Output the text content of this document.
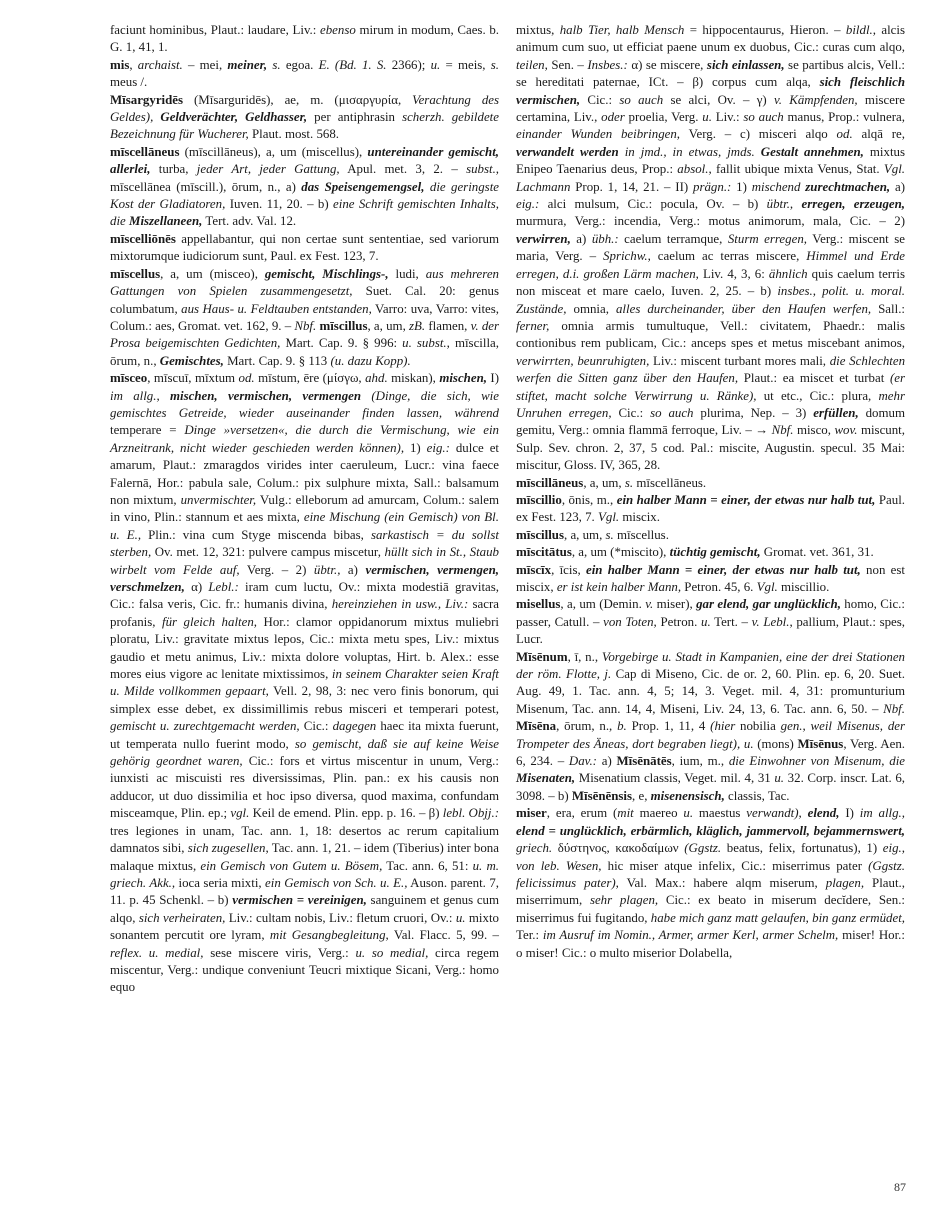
faciunt hominibus, Plaut.: laudare, Liv.: ebenso mirum in modum, Caes. b. G. 1, 41, 1.

mis, archaist. – mei, meiner, s. egoa. E. (Bd. 1. S. 2366); u. = meis, s. meus /.

Mīsargyridēs (Mīsarguridēs), ae, m. (μισαργυρία, Verachtung des Geldes), Geldverächter, Geldhasser, per antiphrasin scherzh. gebildete Bezeichnung für Wucherer, Plaut. most. 568.

mīscellāneus (mīscillāneus), a, um (miscellus), untereinander gemischt, allerlei, turba, jeder Art, jeder Gattung, Apul. met. 3, 2. – subst., mīscellānea (mīscill.), ōrum, n., a) das Speisengemengsel, die geringste Kost der Gladiatoren, Iuven. 11, 20. – b) eine Schrift gemischten Inhalts, die Miszellaneen, Tert. adv. Val. 12.

mīscelliōnēs appellabantur, qui non certae sunt sententiae, sed variorum mixtorumque iudiciorum sunt, Paul. ex Fest. 123, 7.

mīscellus, a, um (misceo), gemischt, Mischlings-, ludi, aus mehreren Gattungen von Spielen zusammengesetzt, Suet. Cal. 20: genus columbatum, aus Haus- u. Feldtauben entstanden, Varro: uva, Varro: vites, Colum.: aes, Gromat. vet. 162, 9. – Nbf. mīscillus, a, um, zB. flamen, v. der Prosa beigemischten Gedichten, Mart. Cap. 9. § 996: u. subst., mīscilla, ōrum, n., Gemischtes, Mart. Cap. 9. § 113 (u. dazu Kopp).

mīsceo, mīscuī, mīxtum od. mīstum, ēre (μίσγω, ahd. miskan), mischen, I) im allg., mischen, vermischen, vermengen (Dinge, die sich, wie gemischtes Getreide, wieder auseinander finden lassen, während temperare = Dinge »versetzen«, die durch die Vermischung, wie ein Arzneitrank, nicht wieder geschieden werden können), 1) eig.: dulce et amarum, Plaut.: zmaragdos virides inter caeruleum, Lucr.: vina faece Falernā, Hor.: pabula sale, Colum.: pix sulphure mixta, Sall.: balsamum non mixtum, unvermischter, Vulg.: elleborum ad amurcam, Colum.: salem in vino, Plin.: stannum et aes mixta, eine Mischung (ein Gemisch) von Bl. u. E., Plin.: vina cum Styge miscenda bibas, sarkastisch = du sollst sterben, Ov. met. 12, 321: pulvere campus miscetur, hüllt sich in St., Staub wirbelt vom Felde auf, Verg. – 2) übtr., a) vermischen, vermengen, verschmelzen, α) Lebl.: iram cum luctu, Ov.: mixta modestiā gravitas, Cic.: falsa veris, Cic. fr.: humanis divina, hereinziehen in usw., Liv.: sacra profanis, für gleich halten, Hor.: clamor oppidanorum mixtus muliebri ploratu, Liv.: gravitate mixtus lepos, Cic.: mixta metu spes, Liv.: mixtus gaudio et metu animus, Liv.: mixta dolore voluptas, Hirt. b. Alex.: esse mores eius vigore ac lenitate mixtissimos, in seinem Charakter seien Kraft u. Milde vollkommen gepaart, Vell. 2, 98, 3: nec vero finis bonorum, qui simplex esse debet, ex dissimillimis rebus misceri et temperari potest, gemischt u. zurechtgemacht werden, Cic.: dagegen haec ita mixta fuerunt, ut temperata nullo fuerint modo, so gemischt, daß sie auf keine Weise gehörig geordnet waren, Cic.: fors et virtus miscentur in unum, Verg.: iunxisti ac miscuisti res diversissimas, Plin. pan.: ex his causis non adducor, ut duo dissimilia et hoc ipso diversa, quod maxima, confundam misceamque, Plin. ep.; vgl. Keil de emend. Plin. epp. p. 16. – β) lebl. Objj.: tres legiones in unam, Tac. ann. 1, 18: desertos ac rerum capitalium damnatos sibi, sich zugesellen, Tac. ann. 1, 21. – idem (Tiberius) inter bona malaque mixtus, ein Gemisch von Gutem u. Bösem, Tac. ann. 6, 51: u. m. griech. Akk., ioca seria mixti, ein Gemisch von Sch. u. E., Auson. parent. 7, 11. p. 45 Schenkl. – b) vermischen = vereinigen, sanguinem et genus cum alqo, sich verheiraten, Liv.: cultam nobis, Liv.: fletum cruori, Ov.: u. mixto sonantem percutit ore lyram, mit Gesangbegleitung, Val. Flacc. 5, 99. – reflex. u. medial, sese miscere viris, Verg.: u. so medial, circa regem miscentur, Verg.: undique conveniunt Teucri mixtique Sicani, Verg.: homo equo

mixtus, halb Tier, halb Mensch = hippocentaurus, Hieron. – bildl., alcis animum cum suo, ut efficiat paene unum ex duobus, Cic.: curas cum alqo, teilen, Sen. – Insbes.: α) se miscere, sich einlassen, se partibus alcis, Vell.: se hereditati paternae, ICt. – β) corpus cum alqa, sich fleischlich vermischen, Cic.: so auch se alci, Ov. – γ) v. Kämpfenden, miscere certamina, Liv., oder proelia, Verg. u. Liv.: so auch manus, Prop.: vulnera, einander Wunden beibringen, Verg. – c) misceri alqo od. alqā re, verwandelt werden in jmd., in etwas, jmds. Gestalt annehmen, mixtus Enipeo Taenarius deus, Prop.: absol., fallit ubique mixta Venus, Stat. Vgl. Lachmann Prop. 1, 14, 21. – II) prägn.: 1) mischend zurechtmachen, a) eig.: alci mulsum, Cic.: pocula, Ov. – b) übtr., erregen, erzeugen, murmura, Verg.: incendia, Verg.: motus animorum, mala, Cic. – 2) verwirren, a) übh.: caelum terramque, Sturm erregen, Verg.: miscent se maria, Verg. – Sprichw., caelum ac terras miscere, Himmel und Erde erregen, d.i. großen Lärm machen, Liv. 4, 3, 6: ähnlich quis caelum terris non misceat et mare caelo, Iuven. 2, 25. – b) insbes., polit. u. moral. Zustände, omnia, alles durcheinander, über den Haufen werfen, Sall.: ferner, omnia armis tumultuque, Vell.: civitatem, Phaedr.: malis contionibus rem publicam, Cic.: anceps spes et metus miscebant animos, verwirrten, beunruhigten, Liv.: miscent turbant mores mali, die Schlechten werfen die Sitten ganz über den Haufen, Plaut.: ea miscet et turbat (er stiftet, macht solche Verwirrung u. Ränke), ut etc., Cic.: plura, mehr Unruhen erregen, Cic.: so auch plurima, Nep. – 3) erfüllen, domum gemitu, Verg.: omnia flammā ferroque, Liv. – → Nbf. misco, wov. miscunt, Sulp. Sev. chron. 2, 37, 5 cod. Pal.: miscite, Augustin. specul. 35 Mai: miscitur, Gloss. IV, 365, 28.

mīscillāneus, a, um, s. mīscellāneus.

mīscillio, ōnis, m., ein halber Mann = einer, der etwas nur halb tut, Paul. ex Fest. 123, 7. Vgl. miscix.

mīscillus, a, um, s. mīscellus.

mīscitātus, a, um (*miscito), tüchtig gemischt, Gromat. vet. 361, 31.

mīscīx, īcis, ein halber Mann = einer, der etwas nur halb tut, non est miscix, er ist kein halber Mann, Petron. 45, 6. Vgl. miscillio.

misellus, a, um (Demin. v. miser), gar elend, gar unglücklich, homo, Cic.: passer, Catull. – von Toten, Petron. u. Tert. – v. Lebl., pallium, Plaut.: spes, Lucr.

Mīsēnum, ī, n., Vorgebirge u. Stadt in Kampanien, eine der drei Stationen der röm. Flotte, j. Cap di Miseno, Cic. de or. 2, 60. Plin. ep. 6, 20. Suet. Aug. 49, 1. Tac. ann. 4, 5; 14, 3. Veget. mil. 4, 31: promunturium Misenum, Tac. ann. 14, 4, Miseni, Liv. 24, 13, 6. Tac. ann. 6, 50. – Nbf. Mīsēna, ōrum, n., b. Prop. 1, 11, 4 (hier nobilia gen., weil Misenus, der Trompeter des Äneas, dort begraben liegt), u. (mons) Mīsēnus, Verg. Aen. 6, 234. – Dav.: a) Mīsēnātēs, ium, m., die Einwohner von Misenum, die Misenaten, Misenatium classis, Veget. mil. 4, 31 u. 32. Corp. inscr. Lat. 6, 3098. – b) Mīsēnēnsis, e, misenensisch, classis, Tac.

miser, era, erum (mit maereo u. maestus verwandt), elend, I) im allg., elend = unglücklich, erbärmlich, kläglich, jammervoll, bejammernswert, griech. δύστηνος, κακοδαίμων (Ggstz. beatus, felix, fortunatus), 1) eig., von leb. Wesen, hic miser atque infelix, Cic.: miserrimus pater (Ggstz. felicissimus pater), Val. Max.: habere alqm miserum, plagen, Plaut., miserrimum, sehr plagen, Cic.: ex beato in miserum decĭdere, Sen.: miserrimus fui fugitando, habe mich ganz matt gelaufen, bin ganz ermüdet, Ter.: im Ausruf im Nomin., Armer, armer Kerl, armer Schelm, miser! Hor.: o miser! Cic.: o multo miserior Dolabella,

87
